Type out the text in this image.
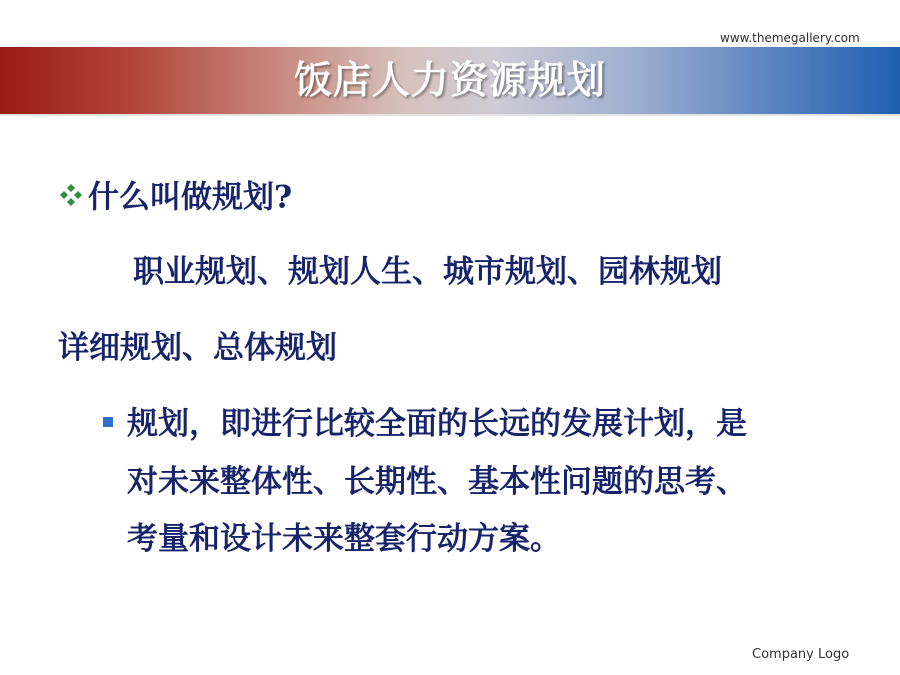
www.themegallery.com
饭店人力资源规划
什么叫做规划?
职业规划、规划人生、城市规划、园林规划
详细规划、总体规划
规划，即进行比较全面的长远的发展计划，是
对未来整体性、长期性、基本性问题的思考、
考量和设计未来整套行动方案。
Company Logo
